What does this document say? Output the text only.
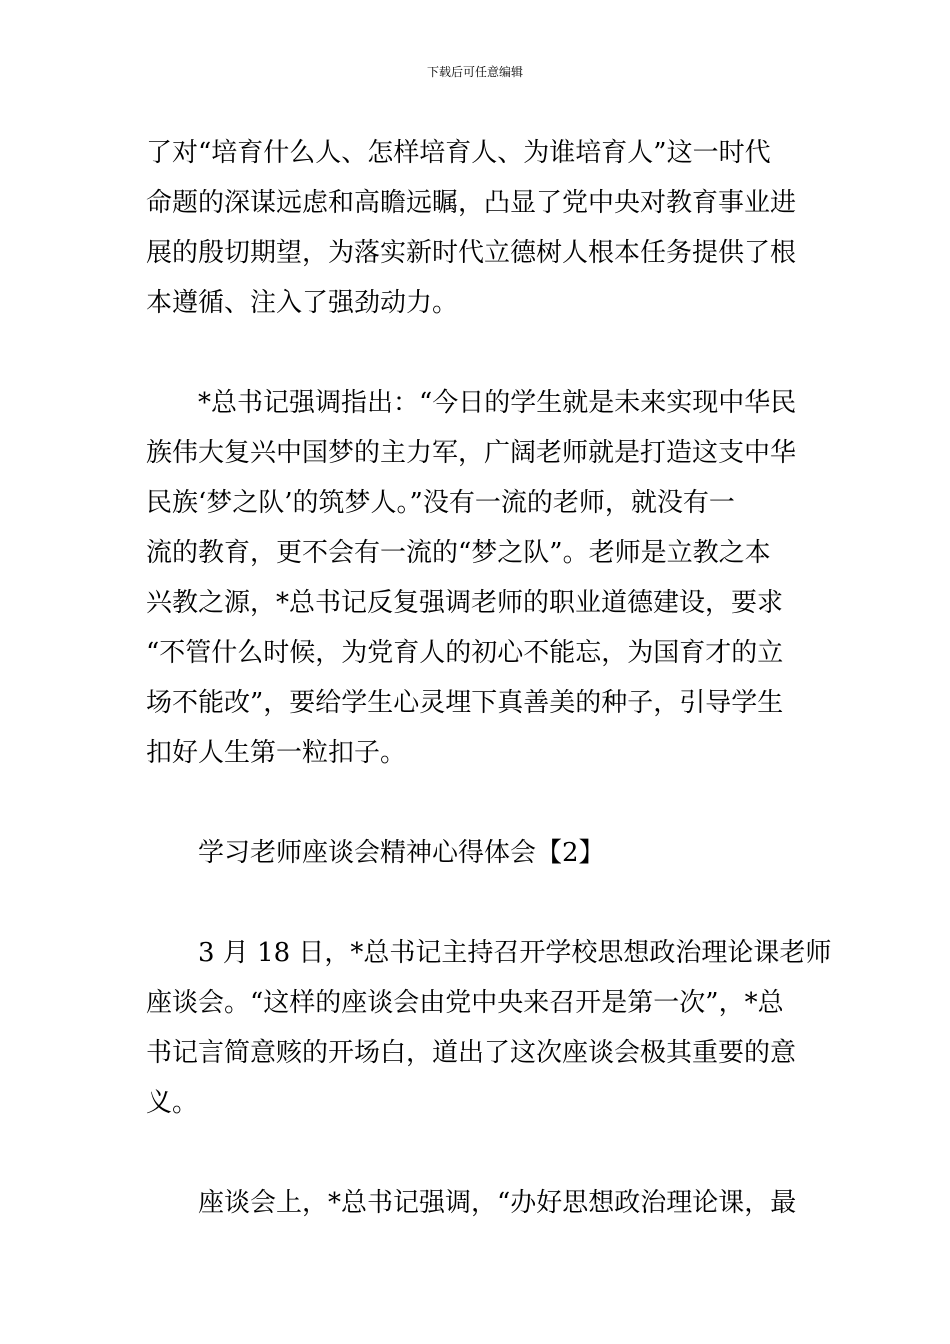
下载后可任意编辑
了对“培育什么人、怎样培育人、为谁培育人”这一时代
命题的深谋远虑和高瞻远瞩，凸显了党中央对教育事业进
展的殷切期望，为落实新时代立德树人根本任务提供了根
本遵循、注入了强劲动力。
*总书记强调指出：“今日的学生就是未来实现中华民
族伟大复兴中国梦的主力军，广阔老师就是打造这支中华
民族‘梦之队’的筑梦人。”没有一流的老师，就没有一
流的教育，更不会有一流的“梦之队”。老师是立教之本
兴教之源，*总书记反复强调老师的职业道德建设，要求
“不管什么时候，为党育人的初心不能忘，为国育才的立
场不能改”，要给学生心灵埋下真善美的种子，引导学生
扣好人生第一粒扣子。
学习老师座谈会精神心得体会【2】
3 月 18 日，*总书记主持召开学校思想政治理论课老师
座谈会。“这样的座谈会由党中央来召开是第一次”，*总
书记言简意赅的开场白，道出了这次座谈会极其重要的意
义。
座谈会上，*总书记强调，“办好思想政治理论课，最
